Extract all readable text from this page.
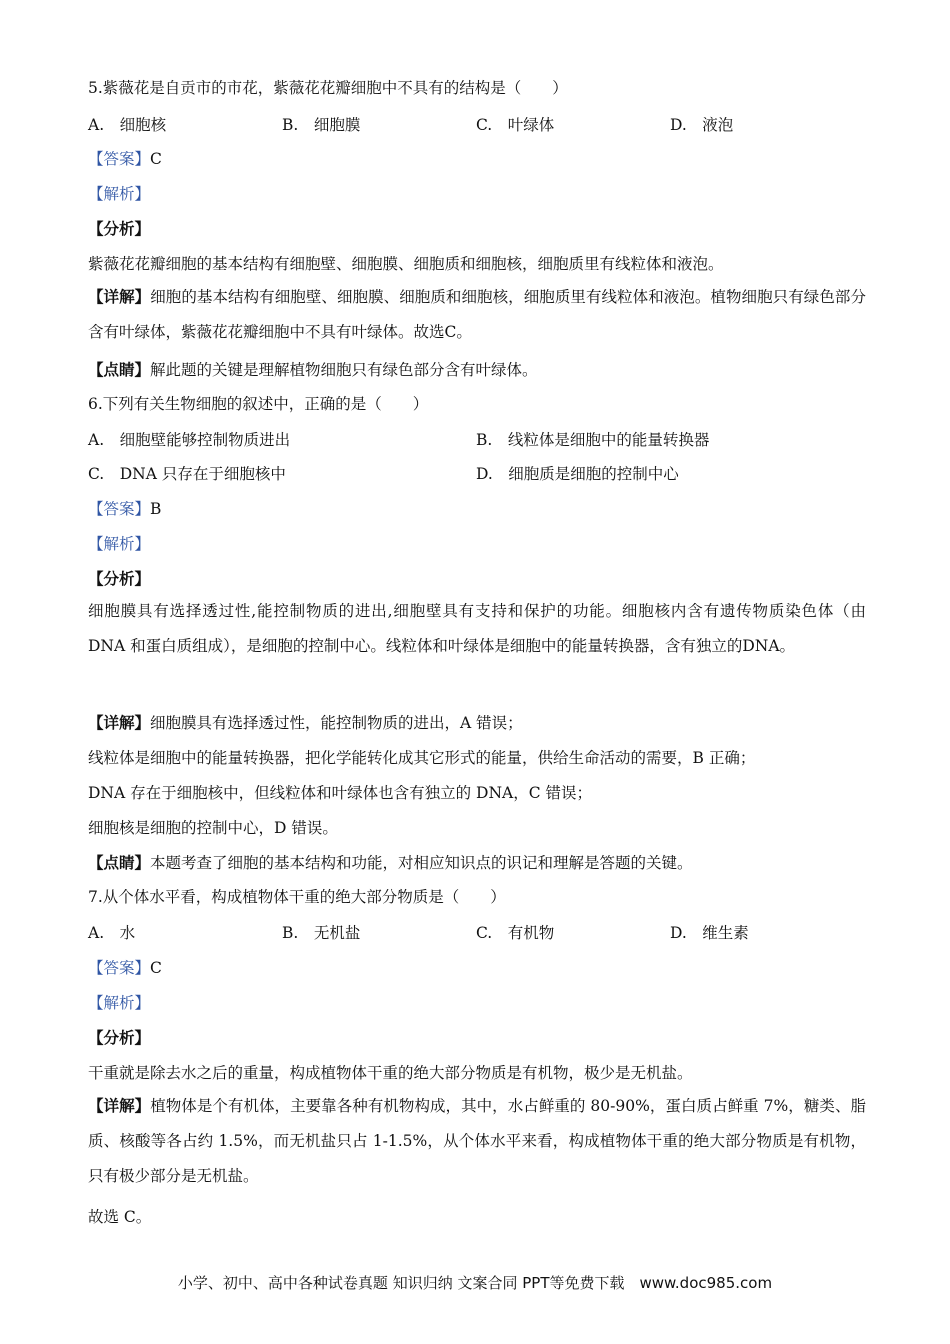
5.紫薇花是自贡市的市花，紫薇花花瓣细胞中不具有的结构是（　　）
A.　细胞核	B.　细胞膜	C.　叶绿体	D.　液泡
【答案】C
【解析】
【分析】
紫薇花花瓣细胞的基本结构有细胞壁、细胞膜、细胞质和细胞核，细胞质里有线粒体和液泡。
【详解】细胞的基本结构有细胞壁、细胞膜、细胞质和细胞核，细胞质里有线粒体和液泡。植物细胞只有绿色部分含有叶绿体，紫薇花花瓣细胞中不具有叶绿体。故选C。
【点睛】解此题的关键是理解植物细胞只有绿色部分含有叶绿体。
6.下列有关生物细胞的叙述中，正确的是（　　）
A.　细胞壁能够控制物质进出	B.　线粒体是细胞中的能量转换器
C.　DNA 只存在于细胞核中	D.　细胞质是细胞的控制中心
【答案】B
【解析】
【分析】
细胞膜具有选择透过性,能控制物质的进出,细胞壁具有支持和保护的功能。细胞核内含有遗传物质染色体（由 DNA 和蛋白质组成），是细胞的控制中心。线粒体和叶绿体是细胞中的能量转换器，含有独立的DNA。
【详解】细胞膜具有选择透过性，能控制物质的进出，A 错误；
线粒体是细胞中的能量转换器，把化学能转化成其它形式的能量，供给生命活动的需要，B 正确；
DNA 存在于细胞核中，但线粒体和叶绿体也含有独立的 DNA，C 错误；
细胞核是细胞的控制中心，D 错误。
【点睛】本题考查了细胞的基本结构和功能，对相应知识点的识记和理解是答题的关键。
7.从个体水平看，构成植物体干重的绝大部分物质是（　　）
A.　水	B.　无机盐	C.　有机物	D.　维生素
【答案】C
【解析】
【分析】
干重就是除去水之后的重量，构成植物体干重的绝大部分物质是有机物，极少是无机盐。
【详解】植物体是个有机体，主要靠各种有机物构成，其中，水占鲜重的 80-90%，蛋白质占鲜重 7%，糖类、脂质、核酸等各占约 1.5%，而无机盐只占 1-1.5%，从个体水平来看，构成植物体干重的绝大部分物质是有机物，只有极少部分是无机盐。
故选 C。
小学、初中、高中各种试卷真题 知识归纳 文案合同 PPT等免费下载　www.doc985.com
